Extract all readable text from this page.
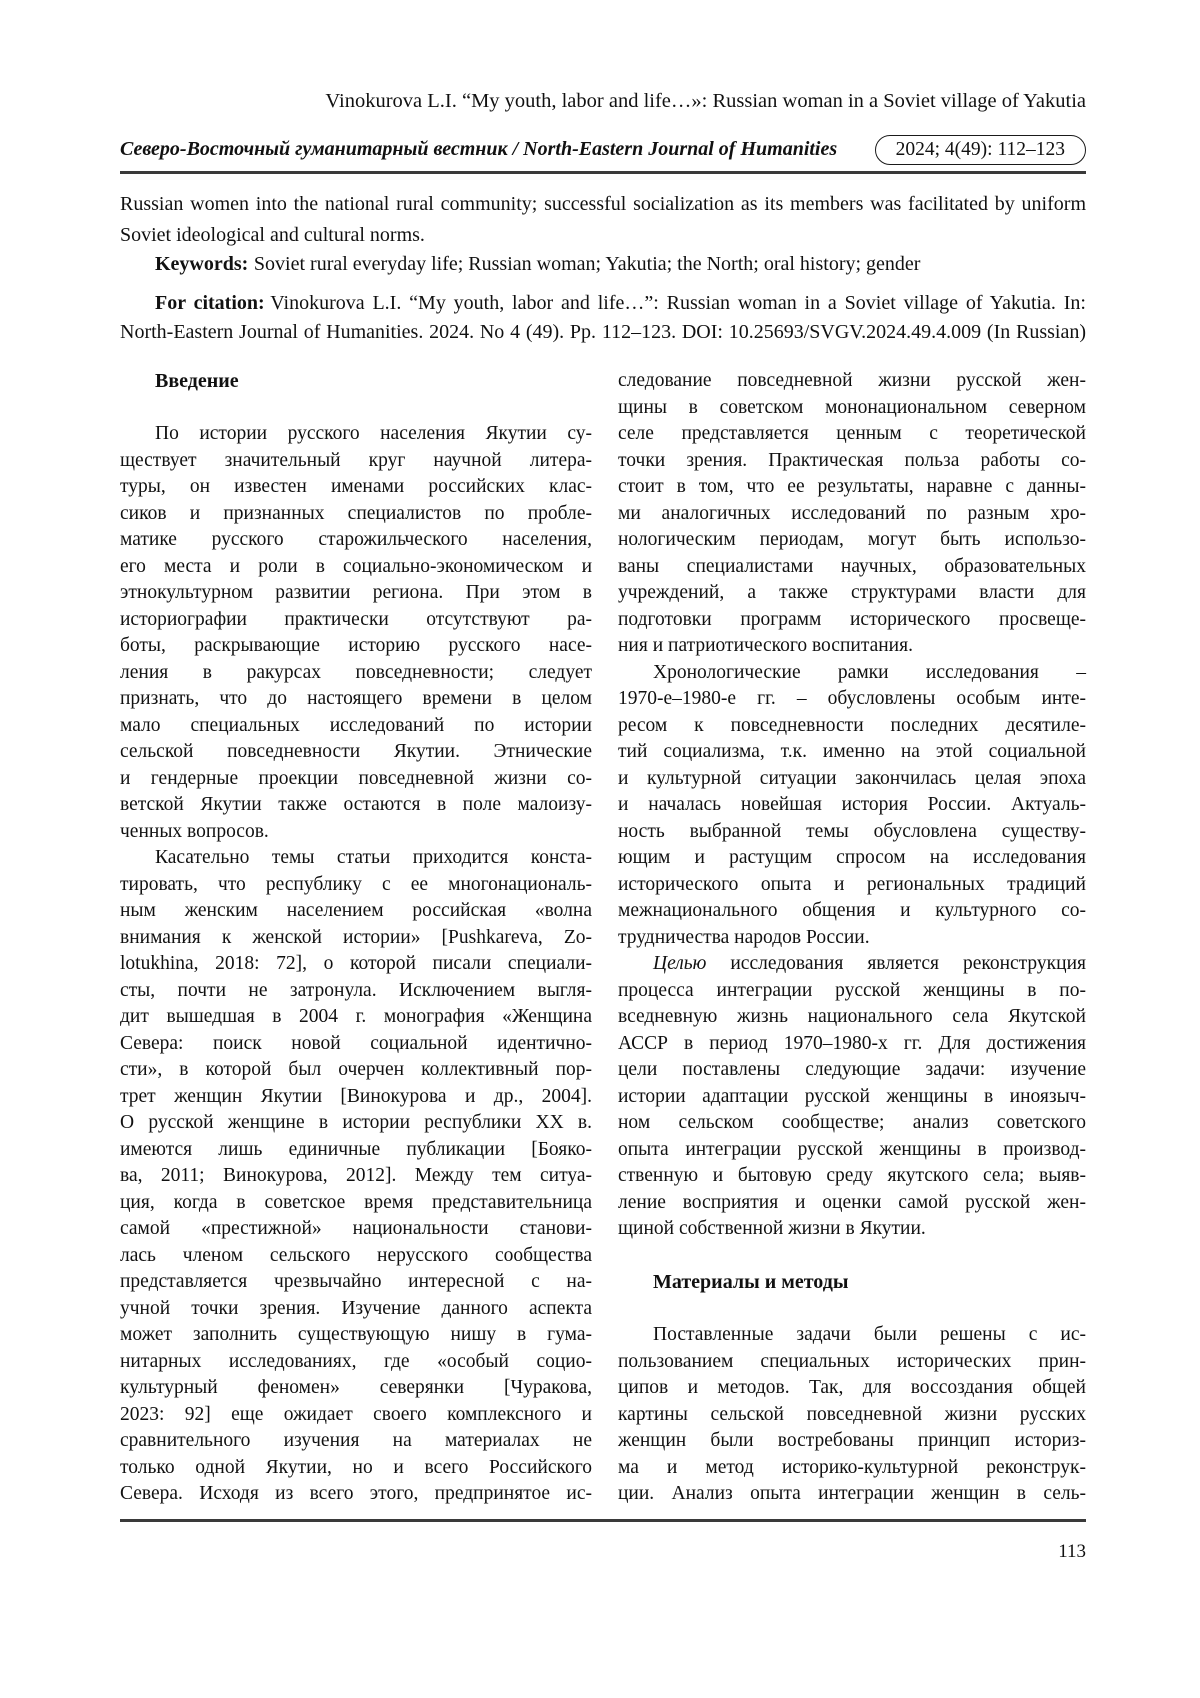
Vinokurova L.I. “My youth, labor and life…»: Russian woman in a Soviet village of Yakutia
Северо-Восточный гуманитарный вестник / North-Eastern Journal of Humanities	2024; 4(49): 112–123
Russian women into the national rural community; successful socialization as its members was facilitated by uniform
Soviet ideological and cultural norms.
Keywords: Soviet rural everyday life; Russian woman; Yakutia; the North; oral history; gender
For citation: Vinokurova L.I. “My youth, labor and life…”: Russian woman in a Soviet village of Yakutia. In:
North-Eastern Journal of Humanities. 2024. No 4 (49). Pp. 112–123. DOI: 10.25693/SVGV.2024.49.4.009 (In Russian)
Введение
По истории русского населения Якутии су-
ществует значительный круг научной литера-
туры, он известен именами российских клас-
сиков и признанных специалистов по пробле-
матике русского старожильческого населения,
его места и роли в социально-экономическом и
этнокультурном развитии региона. При этом в
историографии практически отсутствуют ра-
боты, раскрывающие историю русского насе-
ления в ракурсах повседневности; следует
признать, что до настоящего времени в целом
мало специальных исследований по истории
сельской повседневности Якутии. Этнические
и гендерные проекции повседневной жизни со-
ветской Якутии также остаются в поле малоизу-
ченных вопросов.
Касательно темы статьи приходится конста-
тировать, что республику с ее многонациональ-
ным женским населением российская «волна
внимания к женской истории» [Pushkareva, Zo-
lotukhina, 2018: 72], о которой писали специали-
сты, почти не затронула. Исключением выгля-
дит вышедшая в 2004 г. монография «Женщина
Севера: поиск новой социальной идентично-
сти», в которой был очерчен коллективный пор-
трет женщин Якутии [Винокурова и др., 2004].
О русской женщине в истории республики XX в.
имеются лишь единичные публикации [Бояко-
ва, 2011; Винокурова, 2012]. Между тем ситуа-
ция, когда в советское время представительница
самой «престижной» национальности станови-
лась членом сельского нерусского сообщества
представляется чрезвычайно интересной с на-
учной точки зрения. Изучение данного аспекта
может заполнить существующую нишу в гума-
нитарных исследованиях, где «особый социо-
культурный феномен» северянки [Чуракова,
2023: 92] еще ожидает своего комплексного и
сравнительного изучения на материалах не
только одной Якутии, но и всего Российского
Севера. Исходя из всего этого, предпринятое ис-
следование повседневной жизни русской жен-
щины в советском мононациональном северном
селе представляется ценным с теоретической
точки зрения. Практическая польза работы со-
стоит в том, что ее результаты, наравне с данны-
ми аналогичных исследований по разным хро-
нологическим периодам, могут быть использо-
ваны специалистами научных, образовательных
учреждений, а также структурами власти для
подготовки программ исторического просвеще-
ния и патриотического воспитания.
Хронологические рамки исследования –
1970-е–1980-е гг. – обусловлены особым инте-
ресом к повседневности последних десятиле-
тий социализма, т.к. именно на этой социальной
и культурной ситуации закончилась целая эпоха
и началась новейшая история России. Актуаль-
ность выбранной темы обусловлена существу-
ющим и растущим спросом на исследования
исторического опыта и региональных традиций
межнационального общения и культурного со-
трудничества народов России.
Целью исследования является реконструкция
процесса интеграции русской женщины в по-
вседневную жизнь национального села Якутской
АССР в период 1970–1980-х гг. Для достижения
цели поставлены следующие задачи: изучение
истории адаптации русской женщины в иноязыч-
ном сельском сообществе; анализ советского
опыта интеграции русской женщины в производ-
ственную и бытовую среду якутского села; выяв-
ление восприятия и оценки самой русской жен-
щиной собственной жизни в Якутии.
Материалы и методы
Поставленные задачи были решены с ис-
пользованием специальных исторических прин-
ципов и методов. Так, для воссоздания общей
картины сельской повседневной жизни русских
женщин были востребованы принцип историз-
ма и метод историко-культурной реконструк-
ции. Анализ опыта интеграции женщин в сель-
113
